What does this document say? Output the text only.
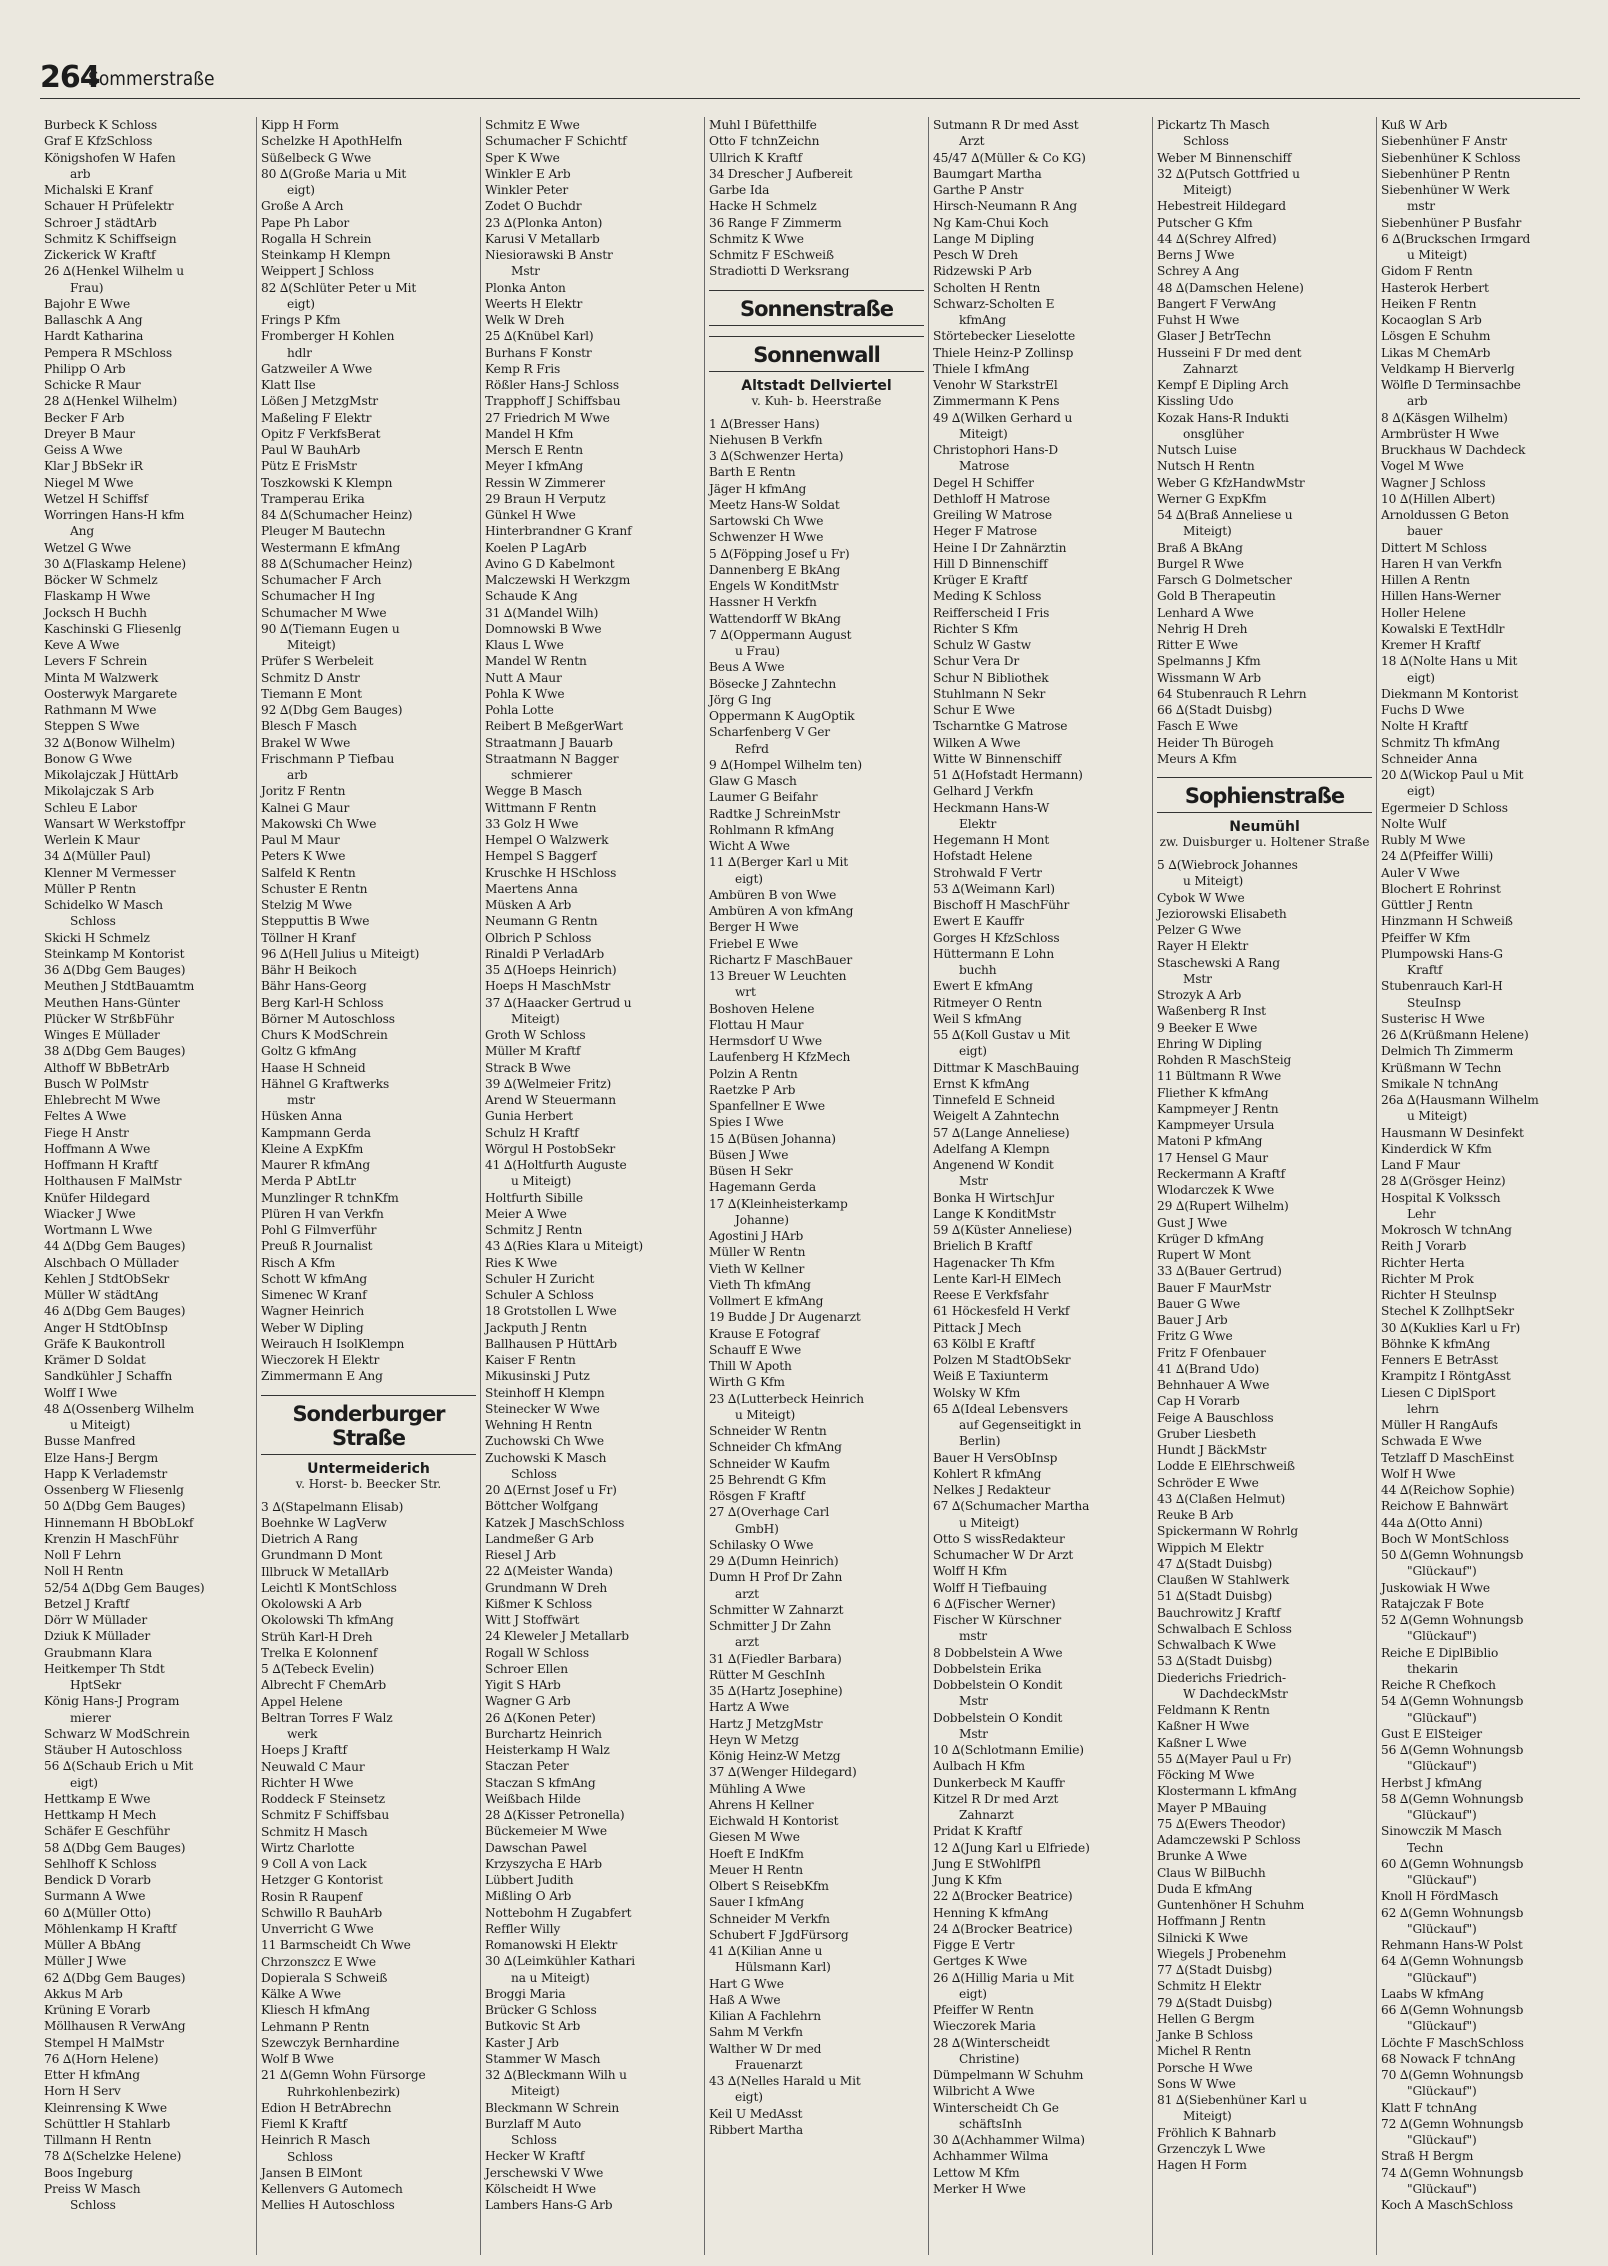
264
Sommerstraße
Burbeck K Schloss
Graf E KfzSchloss
Königshofen W Hafen
arb
Michalski E Kranf
Schauer H Prüfelektr
Schroer J städtArb
Schmitz K Schiffseign
Zickerick W Kraftf
26 ∆(Henkel Wilhelm u
Frau)
Bajohr E Wwe
Ballaschk A Ang
Hardt Katharina
Pempera R MSchloss
Philipp O Arb
Schicke R Maur
28 ∆(Henkel Wilhelm)
Becker F Arb
Dreyer B Maur
Geiss A Wwe
Klar J BbSekr iR
Niegel M Wwe
Wetzel H Schiffsf
Worringen Hans-H kfm
Ang
Wetzel G Wwe
30 ∆(Flaskamp Helene)
Böcker W Schmelz
Flaskamp H Wwe
Jocksch H Buchh
Kaschinski G Fliesenlg
Keve A Wwe
Levers F Schrein
Minta M Walzwerk
Oosterwyk Margarete
Rathmann M Wwe
Steppen S Wwe
32 ∆(Bonow Wilhelm)
Bonow G Wwe
Mikolajczak J HüttArb
Mikolajczak S Arb
Schleu E Labor
Wansart W Werkstoffpr
Werlein K Maur
34 ∆(Müller Paul)
Klenner M Vermesser
Müller P Rentn
Schidelko W Masch
Schloss
Skicki H Schmelz
Steinkamp M Kontorist
36 ∆(Dbg Gem Bauges)
Meuthen J StdtBauamtm
Meuthen Hans-Günter
Plücker W StrßbFühr
Winges E Müllader
38 ∆(Dbg Gem Bauges)
Althoff W BbBetrArb
Busch W PolMstr
Ehlebrecht M Wwe
Feltes A Wwe
Fiege H Anstr
Hoffmann A Wwe
Hoffmann H Kraftf
Holthausen F MalMstr
Knüfer Hildegard
Wiacker J Wwe
Wortmann L Wwe
44 ∆(Dbg Gem Bauges)
Alschbach O Müllader
Kehlen J StdtObSekr
Müller W städtAng
46 ∆(Dbg Gem Bauges)
Anger H StdtObInsp
Gräfe K Baukontroll
Krämer D Soldat
Sandkühler J Schaffn
Wolff I Wwe
48 ∆(Ossenberg Wilhelm
u Miteigt)
Busse Manfred
Elze Hans-J Bergm
Happ K Verlademstr
Ossenberg W Fliesenlg
50 ∆(Dbg Gem Bauges)
Hinnemann H BbObLokf
Krenzin H MaschFühr
Noll F Lehrn
Noll H Rentn
52/54 ∆(Dbg Gem Bauges)
Betzel J Kraftf
Dörr W Müllader
Dziuk K Müllader
Graubmann Klara
Heitkemper Th Stdt
HptSekr
König Hans-J Program
mierer
Schwarz W ModSchrein
Stäuber H Autoschloss
56 ∆(Schaub Erich u Mit
eigt)
Hettkamp E Wwe
Hettkamp H Mech
Schäfer E Geschführ
58 ∆(Dbg Gem Bauges)
Sehlhoff K Schloss
Bendick D Vorarb
Surmann A Wwe
60 ∆(Müller Otto)
Möhlenkamp H Kraftf
Müller A BbAng
Müller J Wwe
62 ∆(Dbg Gem Bauges)
Akkus M Arb
Krüning E Vorarb
Möllhausen R VerwAng
Stempel H MalMstr
76 ∆(Horn Helene)
Etter H kfmAng
Horn H Serv
Kleinrensing K Wwe
Schüttler H Stahlarb
Tillmann H Rentn
78 ∆(Schelzke Helene)
Boos Ingeburg
Preiss W Masch
Schloss
Kipp H Form
Schelzke H ApothHelfn
Süßelbeck G Wwe
80 ∆(Große Maria u Mit
eigt)
Große A Arch
Pape Ph Labor
Rogalla H Schrein
Steinkamp H Klempn
Weippert J Schloss
82 ∆(Schlüter Peter u Mit
eigt)
Frings P Kfm
Fromberger H Kohlen
hdlr
Gatzweiler A Wwe
Klatt Ilse
Lößen J MetzgMstr
Maßeling F Elektr
Opitz F VerkfsBerat
Paul W BauhArb
Pütz E FrisMstr
Toszkowski K Klempn
Tramperau Erika
84 ∆(Schumacher Heinz)
Pleuger M Bautechn
Westermann E kfmAng
88 ∆(Schumacher Heinz)
Schumacher F Arch
Schumacher H Ing
Schumacher M Wwe
90 ∆(Tiemann Eugen u
Miteigt)
Prüfer S Werbeleit
Schmitz D Anstr
Tiemann E Mont
92 ∆(Dbg Gem Bauges)
Blesch F Masch
Brakel W Wwe
Frischmann P Tiefbau
arb
Joritz F Rentn
Kalnei G Maur
Makowski Ch Wwe
Paul M Maur
Peters K Wwe
Salfeld K Rentn
Schuster E Rentn
Stelzig M Wwe
Stepputtis B Wwe
Töllner H Kranf
96 ∆(Hell Julius u Miteigt)
Bähr H Beikoch
Bähr Hans-Georg
Berg Karl-H Schloss
Börner M Autoschloss
Churs K ModSchrein
Goltz G kfmAng
Haase H Schneid
Hähnel G Kraftwerks
mstr
Hüsken Anna
Kampmann Gerda
Kleine A ExpKfm
Maurer R kfmAng
Merda P AbtLtr
Munzlinger R tchnKfm
Plüren H van Verkfn
Pohl G Filmverführ
Preuß R Journalist
Risch A Kfm
Schott W kfmAng
Simenec W Kranf
Wagner Heinrich
Weber W Dipling
Weirauch H IsolKlempn
Wieczorek H Elektr
Zimmermann E Ang
Sonderburger Straße
Untermeiderich
v. Horst- b. Beecker Str.
3 ∆(Stapelmann Elisab)
Boehnke W LagVerw
Dietrich A Rang
Grundmann D Mont
Illbruck W MetallArb
Leichtl K MontSchloss
Okolowski A Arb
Okolowski Th kfmAng
Strüh Karl-H Dreh
Trelka E Kolonnenf
5 ∆(Tebeck Evelin)
Albrecht F ChemArb
Appel Helene
Beltran Torres F Walz
werk
Hoeps J Kraftf
Neuwald C Maur
Richter H Wwe
Roddeck F Steinsetz
Schmitz F Schiffsbau
Schmitz H Masch
Wirtz Charlotte
9 Coll A von Lack
Hetzger G Kontorist
Rosin R Raupenf
Schwillo R BauhArb
Unverricht G Wwe
11 Barmscheidt Ch Wwe
Chrzonszcz E Wwe
Dopierala S Schweiß
Kälke A Wwe
Kliesch H kfmAng
Lehmann P Rentn
Szewczyk Bernhardine
Wolf B Wwe
21 ∆(Gemn Wohn Fürsorge
Ruhrkohlenbezirk)
Edion H BetrAbrechn
Fieml K Kraftf
Heinrich R Masch
Schloss
Jansen B ElMont
Kellenvers G Automech
Mellies H Autoschloss
Schmitz E Wwe
Schumacher F Schichtf
Sper K Wwe
Winkler E Arb
Winkler Peter
Zodet O Buchdr
23 ∆(Plonka Anton)
Karusi V Metallarb
Niesiorawski B Anstr
Mstr
Plonka Anton
Weerts H Elektr
Welk W Dreh
25 ∆(Knübel Karl)
Burhans F Konstr
Kemp R Fris
Rößler Hans-J Schloss
Trapphoff J Schiffsbau
27 Friedrich M Wwe
Mandel H Kfm
Mersch E Rentn
Meyer I kfmAng
Ressin W Zimmerer
29 Braun H Verputz
Günkel H Wwe
Hinterbrandner G Kranf
Koelen P LagArb
Avino G D Kabelmont
Malczewski H Werkzgm
Schaude K Ang
31 ∆(Mandel Wilh)
Domnowski B Wwe
Klaus L Wwe
Mandel W Rentn
Nutt A Maur
Pohla K Wwe
Pohla Lotte
Reibert B MeßgerWart
Straatmann J Bauarb
Straatmann N Bagger
schmierer
Wegge B Masch
Wittmann F Rentn
33 Golz H Wwe
Hempel O Walzwerk
Hempel S Baggerf
Kruschke H HSchloss
Maertens Anna
Müsken A Arb
Neumann G Rentn
Olbrich P Schloss
Rinaldi P VerladArb
35 ∆(Hoeps Heinrich)
Hoeps H MaschMstr
37 ∆(Haacker Gertrud u
Miteigt)
Groth W Schloss
Müller M Kraftf
Strack B Wwe
39 ∆(Welmeier Fritz)
Arend W Steuermann
Gunia Herbert
Schulz H Kraftf
Wörgul H PostobSekr
41 ∆(Holtfurth Auguste
u Miteigt)
Holtfurth Sibille
Meier A Wwe
Schmitz J Rentn
43 ∆(Ries Klara u Miteigt)
Ries K Wwe
Schuler H Zuricht
Schuler A Schloss
18 Grotstollen L Wwe
Jackputh J Rentn
Ballhausen P HüttArb
Kaiser F Rentn
Mikusinski J Putz
Steinhoff H Klempn
Steinecker W Wwe
Wehning H Rentn
Zuchowski Ch Wwe
Zuchowski K Masch
Schloss
20 ∆(Ernst Josef u Fr)
Böttcher Wolfgang
Katzek J MaschSchloss
Landmeßer G Arb
Riesel J Arb
22 ∆(Meister Wanda)
Grundmann W Dreh
Kißmer K Schloss
Witt J Stoffwärt
24 Kleweler J Metallarb
Rogall W Schloss
Schroer Ellen
Yigit S HArb
Wagner G Arb
26 ∆(Konen Peter)
Burchartz Heinrich
Heisterkamp H Walz
Staczan Peter
Staczan S kfmAng
Weißbach Hilde
28 ∆(Kisser Petronella)
Bückemeier M Wwe
Dawschan Pawel
Krzyszycha E HArb
Lübbert Judith
Mißling O Arb
Nottebohm H Zugabfert
Reffler Willy
Romanowski H Elektr
30 ∆(Leimkühler Kathari
na u Miteigt)
Broggi Maria
Brücker G Schloss
Butkovic St Arb
Kaster J Arb
Stammer W Masch
32 ∆(Bleckmann Wilh u
Miteigt)
Bleckmann W Schrein
Burzlaff M Auto
Schloss
Hecker W Kraftf
Jerschewski V Wwe
Kölscheidt H Wwe
Lambers Hans-G Arb
Muhl I Büfetthilfe
Otto F tchnZeichn
Ullrich K Kraftf
34 Drescher J Aufbereit
Garbe Ida
Hacke H Schmelz
36 Range F Zimmerm
Schmitz K Wwe
Schmitz F ESchweiß
Stradiotti D Werksrang
Sonnenstraße
Sonnenwall
Altstadt Dellviertel
v. Kuh- b. Heerstraße
1 ∆(Bresser Hans)
Niehusen B Verkfn
3 ∆(Schwenzer Herta)
Barth E Rentn
Jäger H kfmAng
Meetz Hans-W Soldat
Sartowski Ch Wwe
Schwenzer H Wwe
5 ∆(Föpping Josef u Fr)
Dannenberg E BkAng
Engels W KonditMstr
Hassner H Verkfn
Wattendorff W BkAng
7 ∆(Oppermann August
u Frau)
Beus A Wwe
Bösecke J Zahntechn
Jörg G Ing
Oppermann K AugOptik
Scharfenberg V Ger
Refrd
9 ∆(Hompel Wilhelm ten)
Glaw G Masch
Laumer G Beifahr
Radtke J SchreinMstr
Rohlmann R kfmAng
Wicht A Wwe
11 ∆(Berger Karl u Mit
eigt)
Ambüren B von Wwe
Ambüren A von kfmAng
Berger H Wwe
Friebel E Wwe
Richartz F MaschBauer
13 Breuer W Leuchten
wrt
Boshoven Helene
Flottau H Maur
Hermsdorf U Wwe
Laufenberg H KfzMech
Polzin A Rentn
Raetzke P Arb
Spanfellner E Wwe
Spies I Wwe
15 ∆(Büsen Johanna)
Büsen J Wwe
Büsen H Sekr
Hagemann Gerda
17 ∆(Kleinheisterkamp
Johanne)
Agostini J HArb
Müller W Rentn
Vieth W Kellner
Vieth Th kfmAng
Vollmert E kfmAng
19 Budde J Dr Augenarzt
Krause E Fotograf
Schauff E Wwe
Thill W Apoth
Wirth G Kfm
23 ∆(Lutterbeck Heinrich
u Miteigt)
Schneider W Rentn
Schneider Ch kfmAng
Schneider W Kaufm
25 Behrendt G Kfm
Rösgen F Kraftf
27 ∆(Overhage Carl
GmbH)
Schilasky O Wwe
29 ∆(Dumn Heinrich)
Dumn H Prof Dr Zahn
arzt
Schmitter W Zahnarzt
Schmitter J Dr Zahn
arzt
31 ∆(Fiedler Barbara)
Rütter M GeschInh
35 ∆(Hartz Josephine)
Hartz A Wwe
Hartz J MetzgMstr
Heyn W Metzg
König Heinz-W Metzg
37 ∆(Wenger Hildegard)
Mühling A Wwe
Ahrens H Kellner
Eichwald H Kontorist
Giesen M Wwe
Hoeft E IndKfm
Meuer H Rentn
Olbert S ReisebKfm
Sauer I kfmAng
Schneider M Verkfn
Schubert F JgdFürsorg
41 ∆(Kilian Anne u
Hülsmann Karl)
Hart G Wwe
Haß A Wwe
Kilian A Fachlehrn
Sahm M Verkfn
Walther W Dr med
Frauenarzt
43 ∆(Nelles Harald u Mit
eigt)
Keil U MedAsst
Ribbert Martha
Sutmann R Dr med Asst
Arzt
45/47 ∆(Müller & Co KG)
Baumgart Martha
Garthe P Anstr
Hirsch-Neumann R Ang
Ng Kam-Chui Koch
Lange M Dipling
Pesch W Dreh
Ridzewski P Arb
Scholten H Rentn
Schwarz-Scholten E
kfmAng
Störtebecker Lieselotte
Thiele Heinz-P Zollinsp
Thiele I kfmAng
Venohr W StarkstrEl
Zimmermann K Pens
49 ∆(Wilken Gerhard u
Miteigt)
Christophori Hans-D
Matrose
Degel H Schiffer
Dethloff H Matrose
Greiling W Matrose
Heger F Matrose
Heine I Dr Zahnärztin
Hill D Binnenschiff
Krüger E Kraftf
Meding K Schloss
Reifferscheid I Fris
Richter S Kfm
Schulz W Gastw
Schur Vera Dr
Schur N Bibliothek
Stuhlmann N Sekr
Schur E Wwe
Tscharntke G Matrose
Wilken A Wwe
Witte W Binnenschiff
51 ∆(Hofstadt Hermann)
Gelhard J Verkfn
Heckmann Hans-W
Elektr
Hegemann H Mont
Hofstadt Helene
Strohwald F Vertr
53 ∆(Weimann Karl)
Bischoff H MaschFühr
Ewert E Kauffr
Gorges H KfzSchloss
Hüttermann E Lohn
buchh
Ewert E kfmAng
Ritmeyer O Rentn
Weil S kfmAng
55 ∆(Koll Gustav u Mit
eigt)
Dittmar K MaschBauing
Ernst K kfmAng
Tinnefeld E Schneid
Weigelt A Zahntechn
57 ∆(Lange Anneliese)
Adelfang A Klempn
Angenend W Kondit
Mstr
Bonka H WirtschJur
Lange K KonditMstr
59 ∆(Küster Anneliese)
Brielich B Kraftf
Hagenacker Th Kfm
Lente Karl-H ElMech
Reese E Verkfsfahr
61 Höckesfeld H Verkf
Pittack J Mech
63 Kölbl E Kraftf
Polzen M StadtObSekr
Weiß E Taxiunterm
Wolsky W Kfm
65 ∆(Ideal Lebensvers
auf Gegenseitigkt in
Berlin)
Bauer H VersObInsp
Kohlert R kfmAng
Nelkes J Redakteur
67 ∆(Schumacher Martha
u Miteigt)
Otto S wissRedakteur
Schumacher W Dr Arzt
Wolff H Kfm
Wolff H Tiefbauing
6 ∆(Fischer Werner)
Fischer W Kürschner
mstr
8 Dobbelstein A Wwe
Dobbelstein Erika
Dobbelstein O Kondit
Mstr
Dobbelstein O Kondit
Mstr
10 ∆(Schlotmann Emilie)
Aulbach H Kfm
Dunkerbeck M Kauffr
Kitzel R Dr med Arzt
Zahnarzt
Pridat K Kraftf
12 ∆(Jung Karl u Elfriede)
Jung E StWohlfPfl
Jung K Kfm
22 ∆(Brocker Beatrice)
Henning K kfmAng
24 ∆(Brocker Beatrice)
Figge E Vertr
Gertges K Wwe
26 ∆(Hillig Maria u Mit
eigt)
Pfeiffer W Rentn
Wieczorek Maria
28 ∆(Winterscheidt
Christine)
Dümpelmann W Schuhm
Wilbricht A Wwe
Winterscheidt Ch Ge
schäftsInh
30 ∆(Achhammer Wilma)
Achhammer Wilma
Lettow M Kfm
Merker H Wwe
Pickartz Th Masch
Schloss
Weber M Binnenschiff
32 ∆(Putsch Gottfried u
Miteigt)
Hebestreit Hildegard
Putscher G Kfm
44 ∆(Schrey Alfred)
Berns J Wwe
Schrey A Ang
48 ∆(Damschen Helene)
Bangert F VerwAng
Fuhst H Wwe
Glaser J BetrTechn
Husseini F Dr med dent
Zahnarzt
Kempf E Dipling Arch
Kissling Udo
Kozak Hans-R Indukti
onsglüher
Nutsch Luise
Nutsch H Rentn
Weber G KfzHandwMstr
Werner G ExpKfm
54 ∆(Braß Anneliese u
Miteigt)
Braß A BkAng
Burgel R Wwe
Farsch G Dolmetscher
Gold B Therapeutin
Lenhard A Wwe
Nehrig H Dreh
Ritter E Wwe
Spelmanns J Kfm
Wissmann W Arb
64 Stubenrauch R Lehrn
66 ∆(Stadt Duisbg)
Fasch E Wwe
Heider Th Bürogeh
Meurs A Kfm
Sophienstraße
Neumühl
zw. Duisburger u. Holtener Straße
5 ∆(Wiebrock Johannes
u Miteigt)
Cybok W Wwe
Jeziorowski Elisabeth
Pelzer G Wwe
Rayer H Elektr
Staschewski A Rang
Mstr
Strozyk A Arb
Waßenberg R Inst
9 Beeker E Wwe
Ehring W Dipling
Rohden R MaschSteig
11 Bültmann R Wwe
Fliether K kfmAng
Kampmeyer J Rentn
Kampmeyer Ursula
Matoni P kfmAng
17 Hensel G Maur
Reckermann A Kraftf
Wlodarczek K Wwe
29 ∆(Rupert Wilhelm)
Gust J Wwe
Krüger D kfmAng
Rupert W Mont
33 ∆(Bauer Gertrud)
Bauer F MaurMstr
Bauer G Wwe
Bauer J Arb
Fritz G Wwe
Fritz F Ofenbauer
41 ∆(Brand Udo)
Behnhauer A Wwe
Cap H Vorarb
Feige A Bauschloss
Gruber Liesbeth
Hundt J BäckMstr
Lodde E ElEhrschweiß
Schröder E Wwe
43 ∆(Claßen Helmut)
Reuke B Arb
Spickermann W Rohrlg
Wippich M Elektr
47 ∆(Stadt Duisbg)
Claußen W Stahlwerk
51 ∆(Stadt Duisbg)
Bauchrowitz J Kraftf
Schwalbach E Schloss
Schwalbach K Wwe
53 ∆(Stadt Duisbg)
Diederichs Friedrich-
W DachdeckMstr
Feldmann K Rentn
Kaßner H Wwe
Kaßner L Wwe
55 ∆(Mayer Paul u Fr)
Föcking M Wwe
Klostermann L kfmAng
Mayer P MBauing
75 ∆(Ewers Theodor)
Adamczewski P Schloss
Brunke A Wwe
Claus W BilBuchh
Duda E kfmAng
Guntenhöner H Schuhm
Hoffmann J Rentn
Silnicki K Wwe
Wiegels J Probenehm
77 ∆(Stadt Duisbg)
Schmitz H Elektr
79 ∆(Stadt Duisbg)
Hellen G Bergm
Janke B Schloss
Michel R Rentn
Porsche H Wwe
Sons W Wwe
81 ∆(Siebenhüner Karl u
Miteigt)
Fröhlich K Bahnarb
Grzenczyk L Wwe
Hagen H Form
Kuß W Arb
Siebenhüner F Anstr
Siebenhüner K Schloss
Siebenhüner P Rentn
Siebenhüner W Werk
mstr
Siebenhüner P Busfahr
6 ∆(Bruckschen Irmgard
u Miteigt)
Gidom F Rentn
Hasterok Herbert
Heiken F Rentn
Kocaoglan S Arb
Lösgen E Schuhm
Likas M ChemArb
Veldkamp H Bierverlg
Wölfle D Terminsachbe
arb
8 ∆(Käsgen Wilhelm)
Armbrüster H Wwe
Bruckhaus W Dachdeck
Vogel M Wwe
Wagner J Schloss
10 ∆(Hillen Albert)
Arnoldussen G Beton
bauer
Dittert M Schloss
Haren H van Verkfn
Hillen A Rentn
Hillen Hans-Werner
Holler Helene
Kowalski E TextHdlr
Kremer H Kraftf
18 ∆(Nolte Hans u Mit
eigt)
Diekmann M Kontorist
Fuchs D Wwe
Nolte H Kraftf
Schmitz Th kfmAng
Schneider Anna
20 ∆(Wickop Paul u Mit
eigt)
Egermeier D Schloss
Nolte Wulf
Rubly M Wwe
24 ∆(Pfeiffer Willi)
Auler V Wwe
Blochert E Rohrinst
Güttler J Rentn
Hinzmann H Schweiß
Pfeiffer W Kfm
Plumpowski Hans-G
Kraftf
Stubenrauch Karl-H
SteuInsp
Susterisc H Wwe
26 ∆(Krüßmann Helene)
Delmich Th Zimmerm
Krüßmann W Techn
Smikale N tchnAng
26a ∆(Hausmann Wilhelm
u Miteigt)
Hausmann W Desinfekt
Kinderdick W Kfm
Land F Maur
28 ∆(Grösger Heinz)
Hospital K Volkssch
Lehr
Mokrosch W tchnAng
Reith J Vorarb
Richter Herta
Richter M Prok
Richter H Steulnsp
Stechel K ZollhptSekr
30 ∆(Kuklies Karl u Fr)
Böhnke K kfmAng
Fenners E BetrAsst
Krampitz I RöntgAsst
Liesen C DiplSport
lehrn
Müller H RangAufs
Schwada E Wwe
Tetzlaff D MaschEinst
Wolf H Wwe
44 ∆(Reichow Sophie)
Reichow E Bahnwärt
44a ∆(Otto Anni)
Boch W MontSchloss
50 ∆(Gemn Wohnungsb
"Glückauf")
Juskowiak H Wwe
Ratajczak F Bote
52 ∆(Gemn Wohnungsb
"Glückauf")
Reiche E DiplBiblio
thekarin
Reiche R Chefkoch
54 ∆(Gemn Wohnungsb
"Glückauf")
Gust E ElSteiger
56 ∆(Gemn Wohnungsb
"Glückauf")
Herbst J kfmAng
58 ∆(Gemn Wohnungsb
"Glückauf")
Sinowczik M Masch
Techn
60 ∆(Gemn Wohnungsb
"Glückauf")
Knoll H FördMasch
62 ∆(Gemn Wohnungsb
"Glückauf")
Rehmann Hans-W Polst
64 ∆(Gemn Wohnungsb
"Glückauf")
Laabs W kfmAng
66 ∆(Gemn Wohnungsb
"Glückauf")
Löchte F MaschSchloss
68 Nowack F tchnAng
70 ∆(Gemn Wohnungsb
"Glückauf")
Klatt F tchnAng
72 ∆(Gemn Wohnungsb
"Glückauf")
Straß H Bergm
74 ∆(Gemn Wohnungsb
"Glückauf")
Koch A MaschSchloss
